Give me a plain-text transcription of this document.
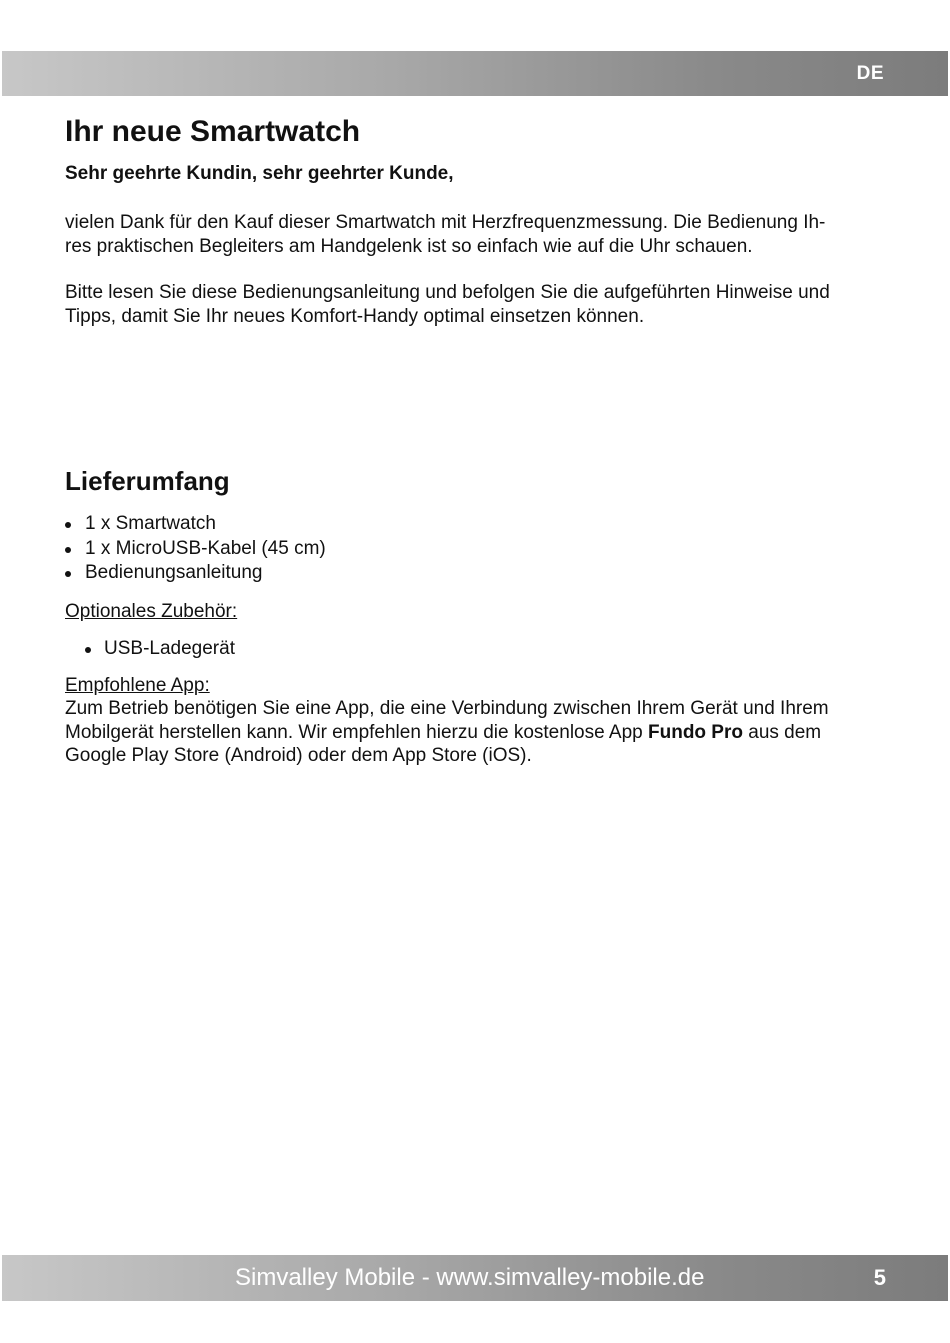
DE
Ihr neue Smartwatch
Sehr geehrte Kundin, sehr geehrter Kunde,

vielen Dank für den Kauf dieser Smartwatch mit Herzfrequenzmessung. Die Bedienung Ih-
res praktischen Begleiters am Handgelenk ist so einfach wie auf die Uhr schauen.

Bitte lesen Sie diese Bedienungsanleitung und befolgen Sie die aufgeführten Hinweise und
Tipps, damit Sie Ihr neues Komfort-Handy optimal einsetzen können.

Lieferumfang
1 x Smartwatch
1 x MicroUSB-Kabel (45 cm)
Bedienungsanleitung
Optionales Zubehör:
USB-Ladegerät
Empfohlene App:

Zum Betrieb benötigen Sie eine App, die eine Verbindung zwischen Ihrem Gerät und Ihrem
Mobilgerät herstellen kann. Wir empfehlen hierzu die kostenlose App Fundo Pro aus dem
Google Play Store (Android) oder dem App Store (iOS).

Simvalley Mobile - www.simvalley-mobile.de	5
